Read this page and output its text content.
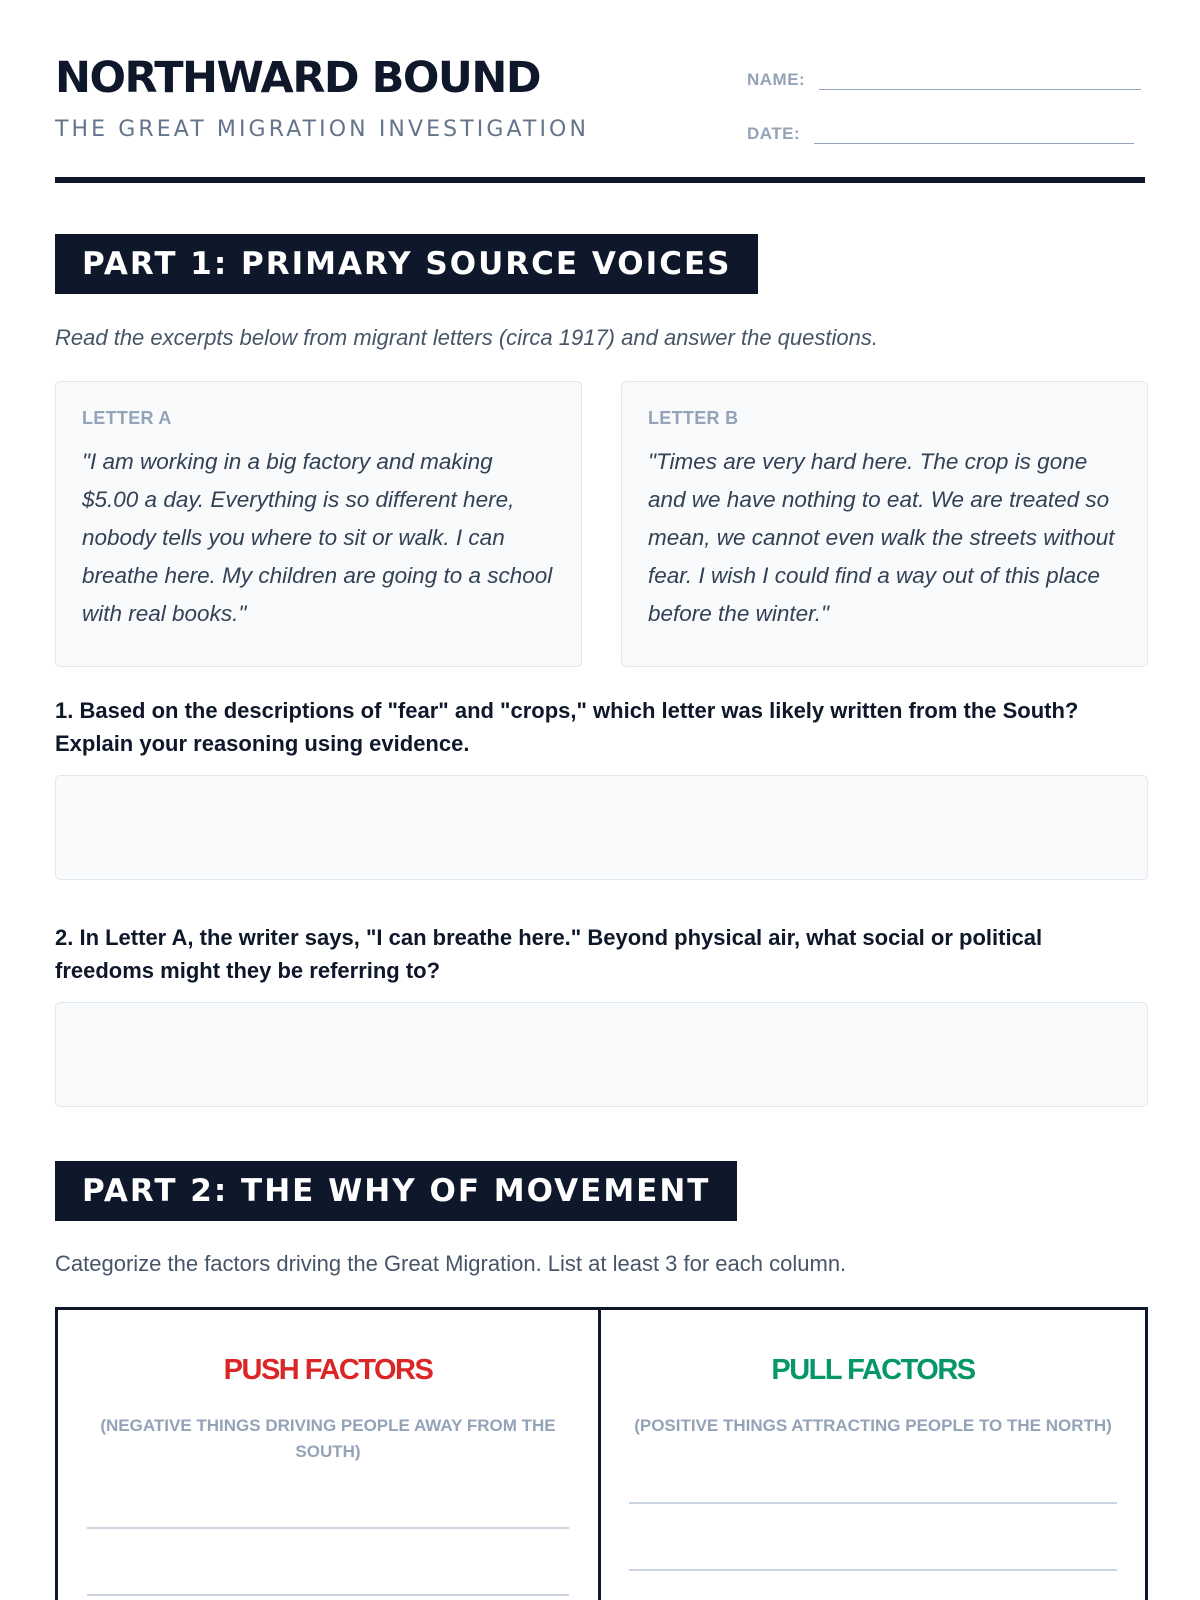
NORTHWARD BOUND
THE GREAT MIGRATION INVESTIGATION
NAME:
DATE:
PART 1: PRIMARY SOURCE VOICES
Read the excerpts below from migrant letters (circa 1917) and answer the questions.
LETTER A
"I am working in a big factory and making $5.00 a day. Everything is so different here, nobody tells you where to sit or walk. I can breathe here. My children are going to a school with real books."
LETTER B
"Times are very hard here. The crop is gone and we have nothing to eat. We are treated so mean, we cannot even walk the streets without fear. I wish I could find a way out of this place before the winter."
1. Based on the descriptions of "fear" and "crops," which letter was likely written from the South? Explain your reasoning using evidence.
2. In Letter A, the writer says, "I can breathe here." Beyond physical air, what social or political freedoms might they be referring to?
PART 2: THE WHY OF MOVEMENT
Categorize the factors driving the Great Migration. List at least 3 for each column.
PUSH FACTORS
(NEGATIVE THINGS DRIVING PEOPLE AWAY FROM THE SOUTH)
PULL FACTORS
(POSITIVE THINGS ATTRACTING PEOPLE TO THE NORTH)
